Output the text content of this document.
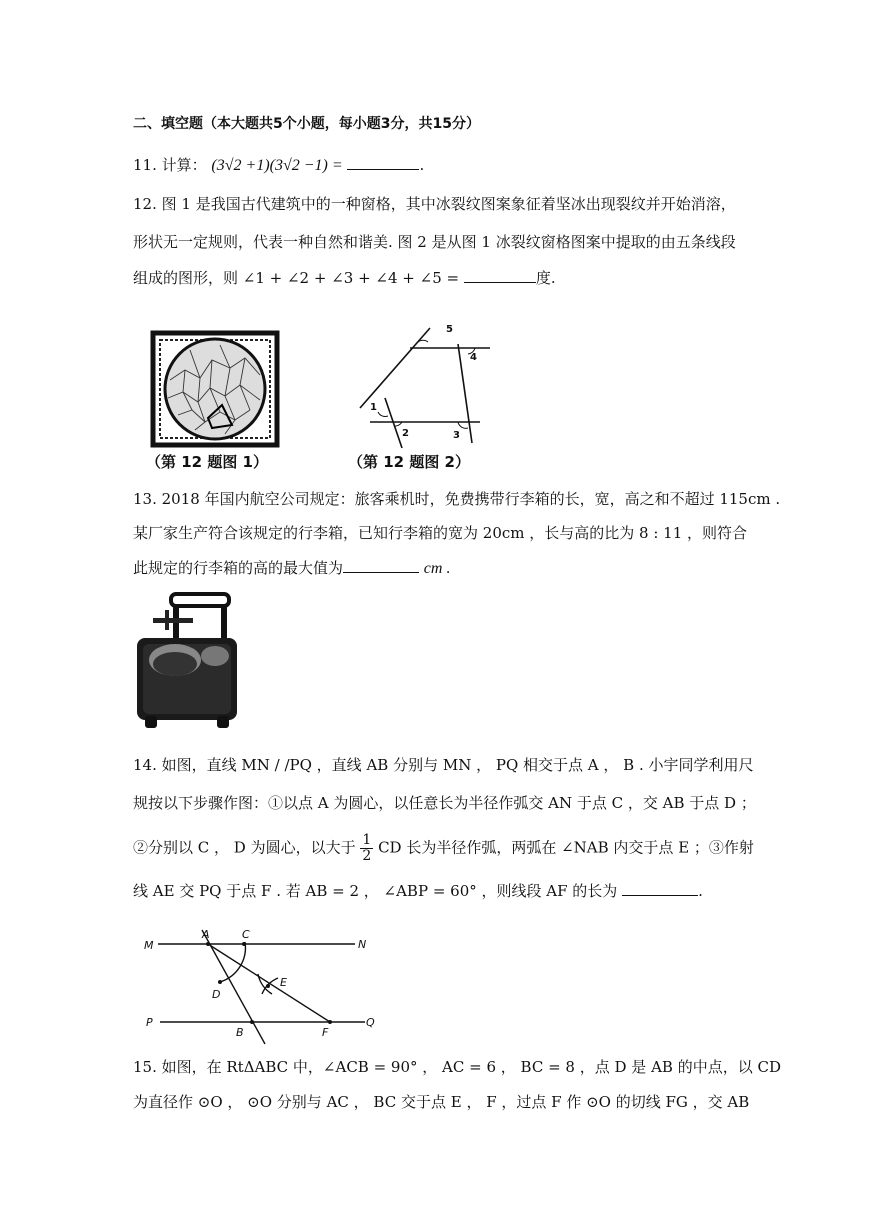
二、填空题（本大题共5个小题，每小题3分，共15分）
11. 计算： (3√2 +1)(3√2 −1) =	.
12. 图 1 是我国古代建筑中的一种窗格，其中冰裂纹图案象征着坚冰出现裂纹并开始消溶，
形状无一定规则，代表一种自然和谐美. 图 2 是从图 1 冰裂纹窗格图案中提取的由五条线段
组成的图形，则 ∠1 + ∠2 + ∠3 + ∠4 + ∠5 =	度.
（第 12 题图 1）
1
2	3
4
5
（第 12 题图 2）
13. 2018 年国内航空公司规定：旅客乘机时，免费携带行李箱的长，宽，高之和不超过 115cm .
某厂家生产符合该规定的行李箱，已知行李箱的宽为 20cm ，长与高的比为 8 : 11 ，则符合
此规定的行李箱的高的最大值为	cm .
14. 如图，直线 MN / /PQ ，直线 AB 分别与 MN ， PQ 相交于点 A ， B . 小宇同学利用尺
规按以下步骤作图：①以点 A 为圆心，以任意长为半径作弧交 AN 于点 C ，交 AB 于点 D ；
②分别以 C ， D 为圆心，以大于 $\frac{1}{2}$ CD 长为半径作弧，两弧在 ∠NAB 内交于点 E ；③作射
线 AE 交 PQ 于点 F . 若 AB = 2 ， ∠ABP = 60° ，则线段 AF 的长为	.
M
A	C
N
D
E
P
B	F
Q
15. 如图，在 RtΔABC 中，∠ACB = 90° ， AC = 6 ， BC = 8 ，点 D 是 AB 的中点，以 CD
为直径作 ⊙O ， ⊙O 分别与 AC ， BC 交于点 E ， F ，过点 F 作 ⊙O 的切线 FG ，交 AB
